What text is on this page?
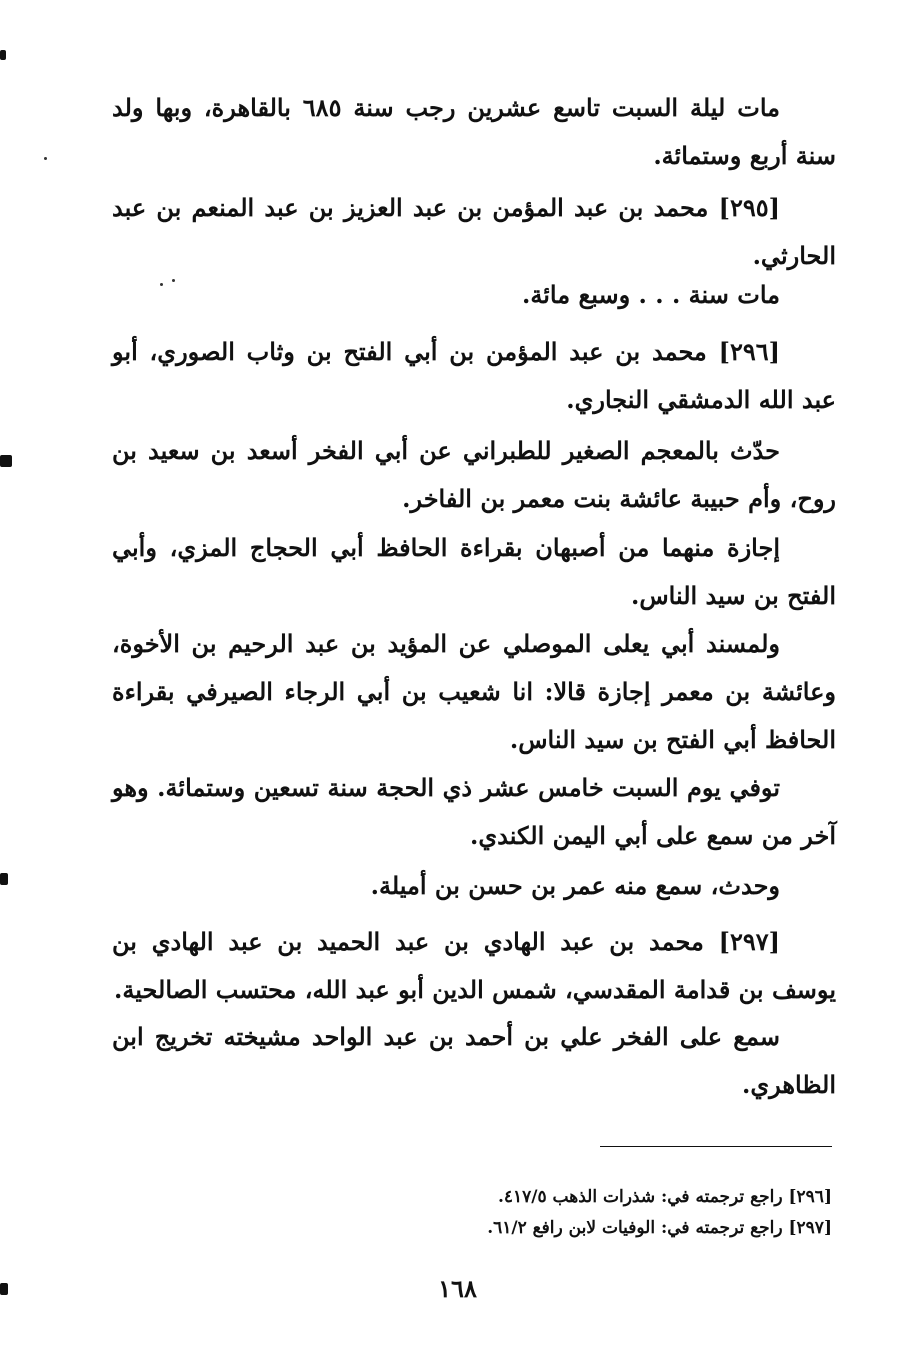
مات ليلة السبت تاسع عشرين رجب سنة ٦٨٥ بالقاهرة، وبها ولد سنة أربع وستمائة.

[٢٩٥] محمد بن عبد المؤمن بن عبد العزيز بن عبد المنعم بن عبد الحارثي.

مات سنة . . . وسبع مائة.

[٢٩٦] محمد بن عبد المؤمن بن أبي الفتح بن وثاب الصوري، أبو عبد الله الدمشقي النجاري.

حدّث بالمعجم الصغير للطبراني عن أبي الفخر أسعد بن سعيد بن روح، وأم حبيبة عائشة بنت معمر بن الفاخر.

إجازة منهما من أصبهان بقراءة الحافظ أبي الحجاج المزي، وأبي الفتح بن سيد الناس.

ولمسند أبي يعلى الموصلي عن المؤيد بن عبد الرحيم بن الأخوة، وعائشة بن معمر إجازة قالا: انا شعيب بن أبي الرجاء الصيرفي بقراءة الحافظ أبي الفتح بن سيد الناس.

توفي يوم السبت خامس عشر ذي الحجة سنة تسعين وستمائة. وهو آخر من سمع على أبي اليمن الكندي.

وحدث، سمع منه عمر بن حسن بن أميلة.

[٢٩٧] محمد بن عبد الهادي بن عبد الحميد بن عبد الهادي بن يوسف بن قدامة المقدسي، شمس الدين أبو عبد الله، محتسب الصالحية.

سمع على الفخر علي بن أحمد بن عبد الواحد مشيخته تخريج ابن الظاهري.

[٢٩٦] راجع ترجمته في: شذرات الذهب ٤١٧/٥.
[٢٩٧] راجع ترجمته في: الوفيات لابن رافع ٦١/٢.
١٦٨
